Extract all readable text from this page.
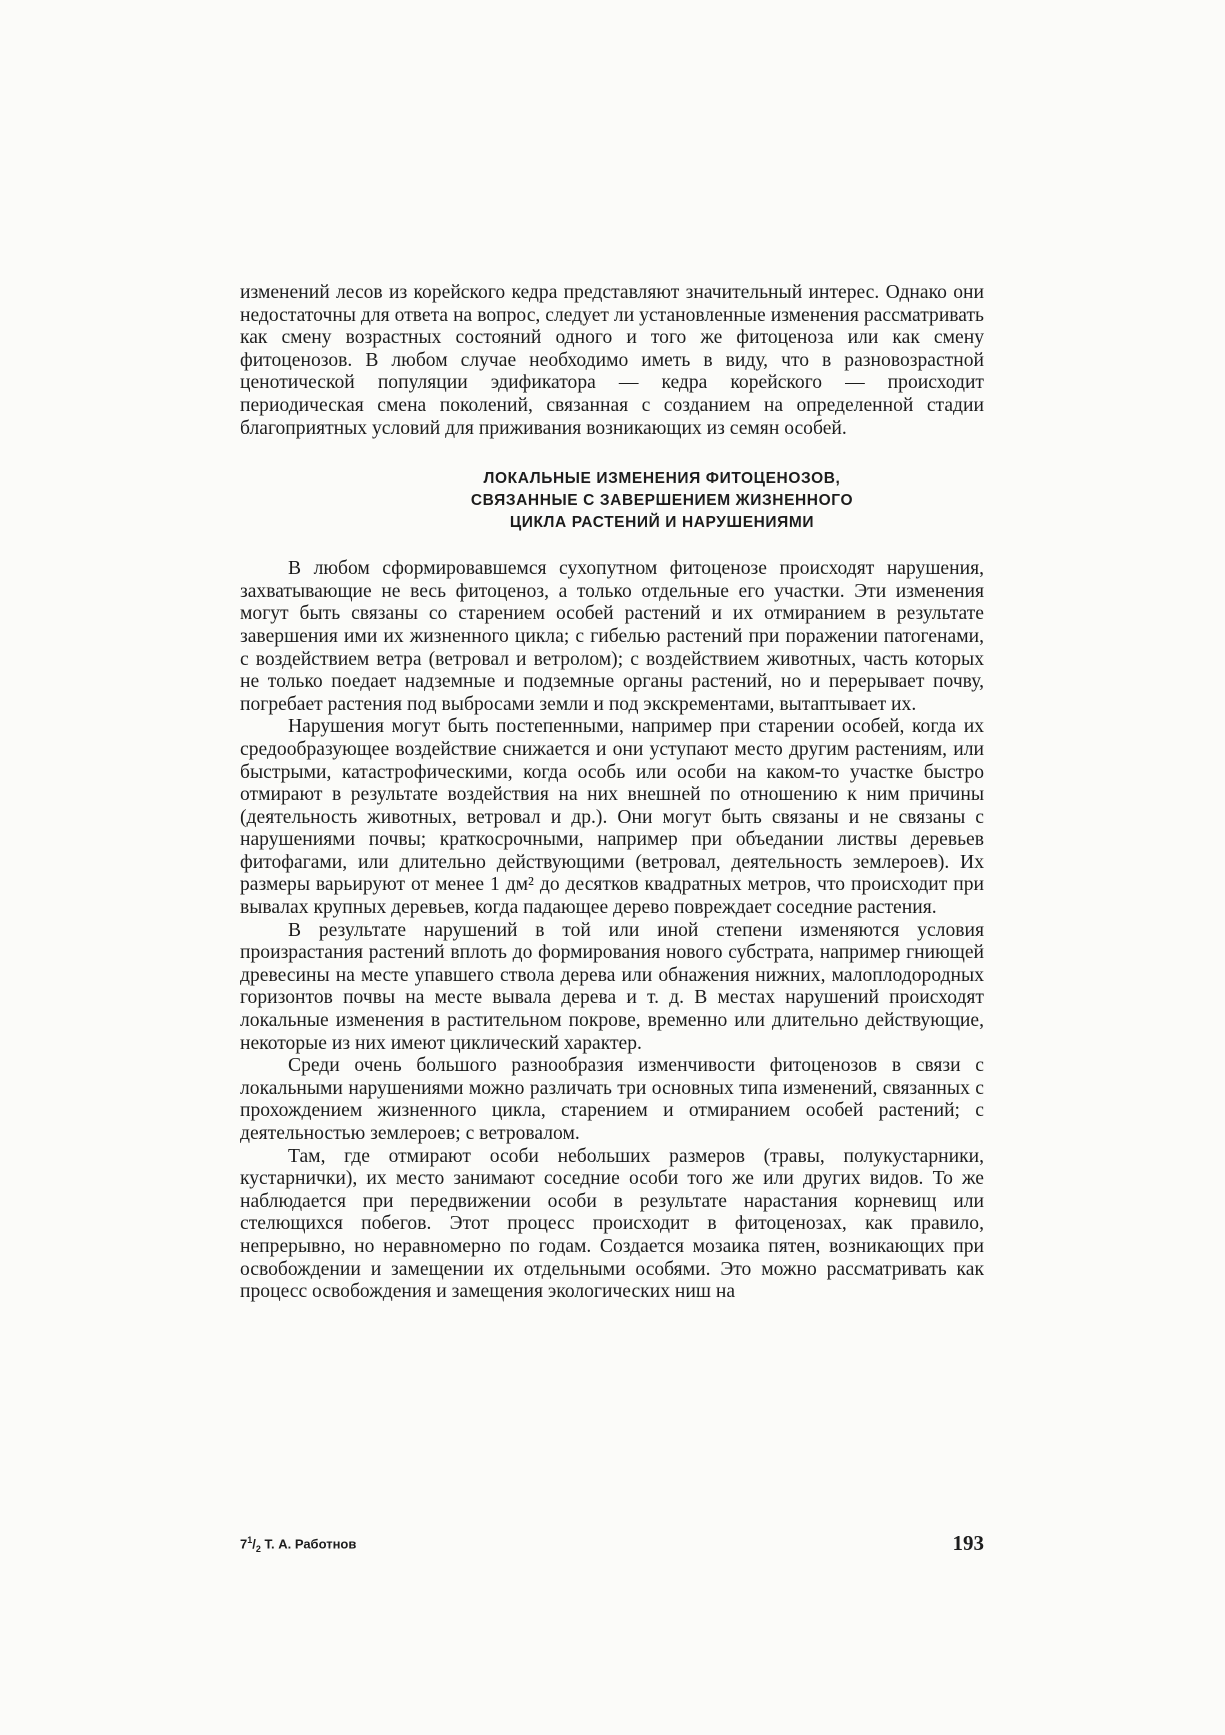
изменений лесов из корейского кедра представляют значительный интерес. Однако они недостаточны для ответа на вопрос, следует ли установленные изменения рассматривать как смену возрастных состояний одного и того же фитоценоза или как смену фитоценозов. В любом случае необходимо иметь в виду, что в разновозрастной ценотической популяции эдификатора — кедра корейского — происходит периодическая смена поколений, связанная с созданием на определенной стадии благоприятных условий для приживания возникающих из семян особей.

ЛОКАЛЬНЫЕ ИЗМЕНЕНИЯ ФИТОЦЕНОЗОВ,
СВЯЗАННЫЕ С ЗАВЕРШЕНИЕМ ЖИЗНЕННОГО
ЦИКЛА РАСТЕНИЙ И НАРУШЕНИЯМИ

В любом сформировавшемся сухопутном фитоценозе происходят нарушения, захватывающие не весь фитоценоз, а только отдельные его участки. Эти изменения могут быть связаны со старением особей растений и их отмиранием в результате завершения ими их жизненного цикла; с гибелью растений при поражении патогенами, с воздействием ветра (ветровал и ветролом); с воздействием животных, часть которых не только поедает надземные и подземные органы растений, но и перерывает почву, погребает растения под выбросами земли и под экскрементами, вытаптывает их.

Нарушения могут быть постепенными, например при старении особей, когда их средообразующее воздействие снижается и они уступают место другим растениям, или быстрыми, катастрофическими, когда особь или особи на каком-то участке быстро отмирают в результате воздействия на них внешней по отношению к ним причины (деятельность животных, ветровал и др.). Они могут быть связаны и не связаны с нарушениями почвы; краткосрочными, например при объедании листвы деревьев фитофагами, или длительно действующими (ветровал, деятельность землероев). Их размеры варьируют от менее 1 дм² до десятков квадратных метров, что происходит при вывалах крупных деревьев, когда падающее дерево повреждает соседние растения.

В результате нарушений в той или иной степени изменяются условия произрастания растений вплоть до формирования нового субстрата, например гниющей древесины на месте упавшего ствола дерева или обнажения нижних, малоплодородных горизонтов почвы на месте вывала дерева и т. д. В местах нарушений происходят локальные изменения в растительном покрове, временно или длительно действующие, некоторые из них имеют циклический характер.

Среди очень большого разнообразия изменчивости фитоценозов в связи с локальными нарушениями можно различать три основных типа изменений, связанных с прохождением жизненного цикла, старением и отмиранием особей растений; с деятельностью землероев; с ветровалом.

Там, где отмирают особи небольших размеров (травы, полукустарники, кустарнички), их место занимают соседние особи того же или других видов. То же наблюдается при передвижении особи в результате нарастания корневищ или стелющихся побегов. Этот процесс происходит в фитоценозах, как правило, непрерывно, но неравномерно по годам. Создается мозаика пятен, возникающих при освобождении и замещении их отдельными особями. Это можно рассматривать как процесс освобождения и замещения экологических ниш на

$7^1/_2$ Т. А. Работнов	193
